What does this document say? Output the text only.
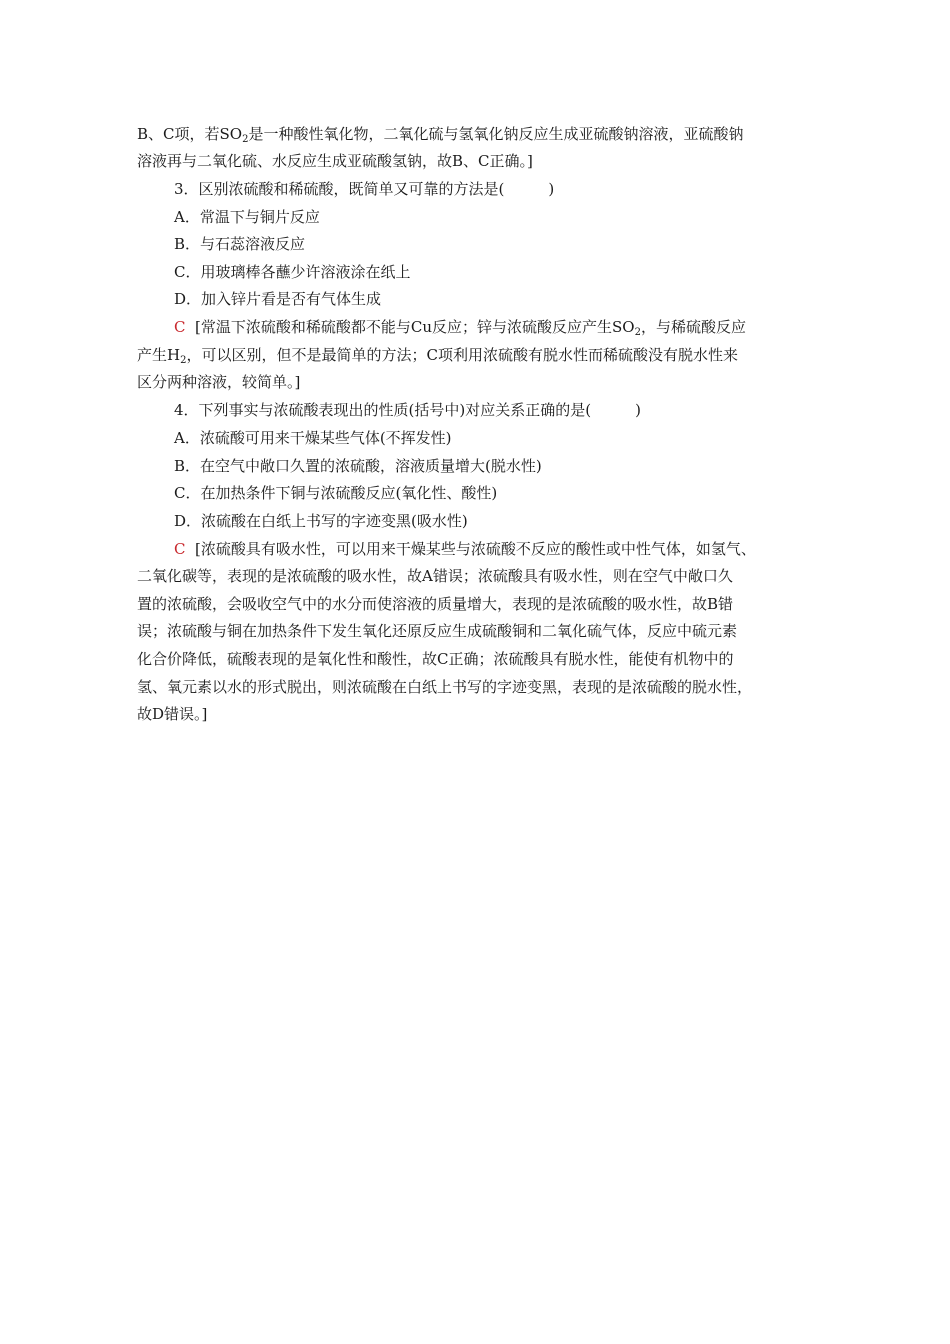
B、C项，若$SO_2$是一种酸性氧化物，二氧化硫与氢氧化钠反应生成亚硫酸钠溶液，亚硫酸钠
溶液再与二氧化硫、水反应生成亚硫酸氢钠，故B、C正确。]
3．区别浓硫酸和稀硫酸，既简单又可靠的方法是(	)
A．常温下与铜片反应
B．与石蕊溶液反应
C．用玻璃棒各蘸少许溶液涂在纸上
D．加入锌片看是否有气体生成
C [常温下浓硫酸和稀硫酸都不能与Cu反应；锌与浓硫酸反应产生$SO_2$，与稀硫酸反应
产生$H_2$，可以区别，但不是最简单的方法；C项利用浓硫酸有脱水性而稀硫酸没有脱水性来
区分两种溶液，较简单。]
4．下列事实与浓硫酸表现出的性质(括号中)对应关系正确的是(	)
A．浓硫酸可用来干燥某些气体(不挥发性)
B．在空气中敞口久置的浓硫酸，溶液质量增大(脱水性)
C．在加热条件下铜与浓硫酸反应(氧化性、酸性)
D．浓硫酸在白纸上书写的字迹变黑(吸水性)
C [浓硫酸具有吸水性，可以用来干燥某些与浓硫酸不反应的酸性或中性气体，如氢气、
二氧化碳等，表现的是浓硫酸的吸水性，故A错误；浓硫酸具有吸水性，则在空气中敞口久
置的浓硫酸，会吸收空气中的水分而使溶液的质量增大，表现的是浓硫酸的吸水性，故B错
误；浓硫酸与铜在加热条件下发生氧化还原反应生成硫酸铜和二氧化硫气体，反应中硫元素
化合价降低，硫酸表现的是氧化性和酸性，故C正确；浓硫酸具有脱水性，能使有机物中的
氢、氧元素以水的形式脱出，则浓硫酸在白纸上书写的字迹变黑，表现的是浓硫酸的脱水性，
故D错误。]
